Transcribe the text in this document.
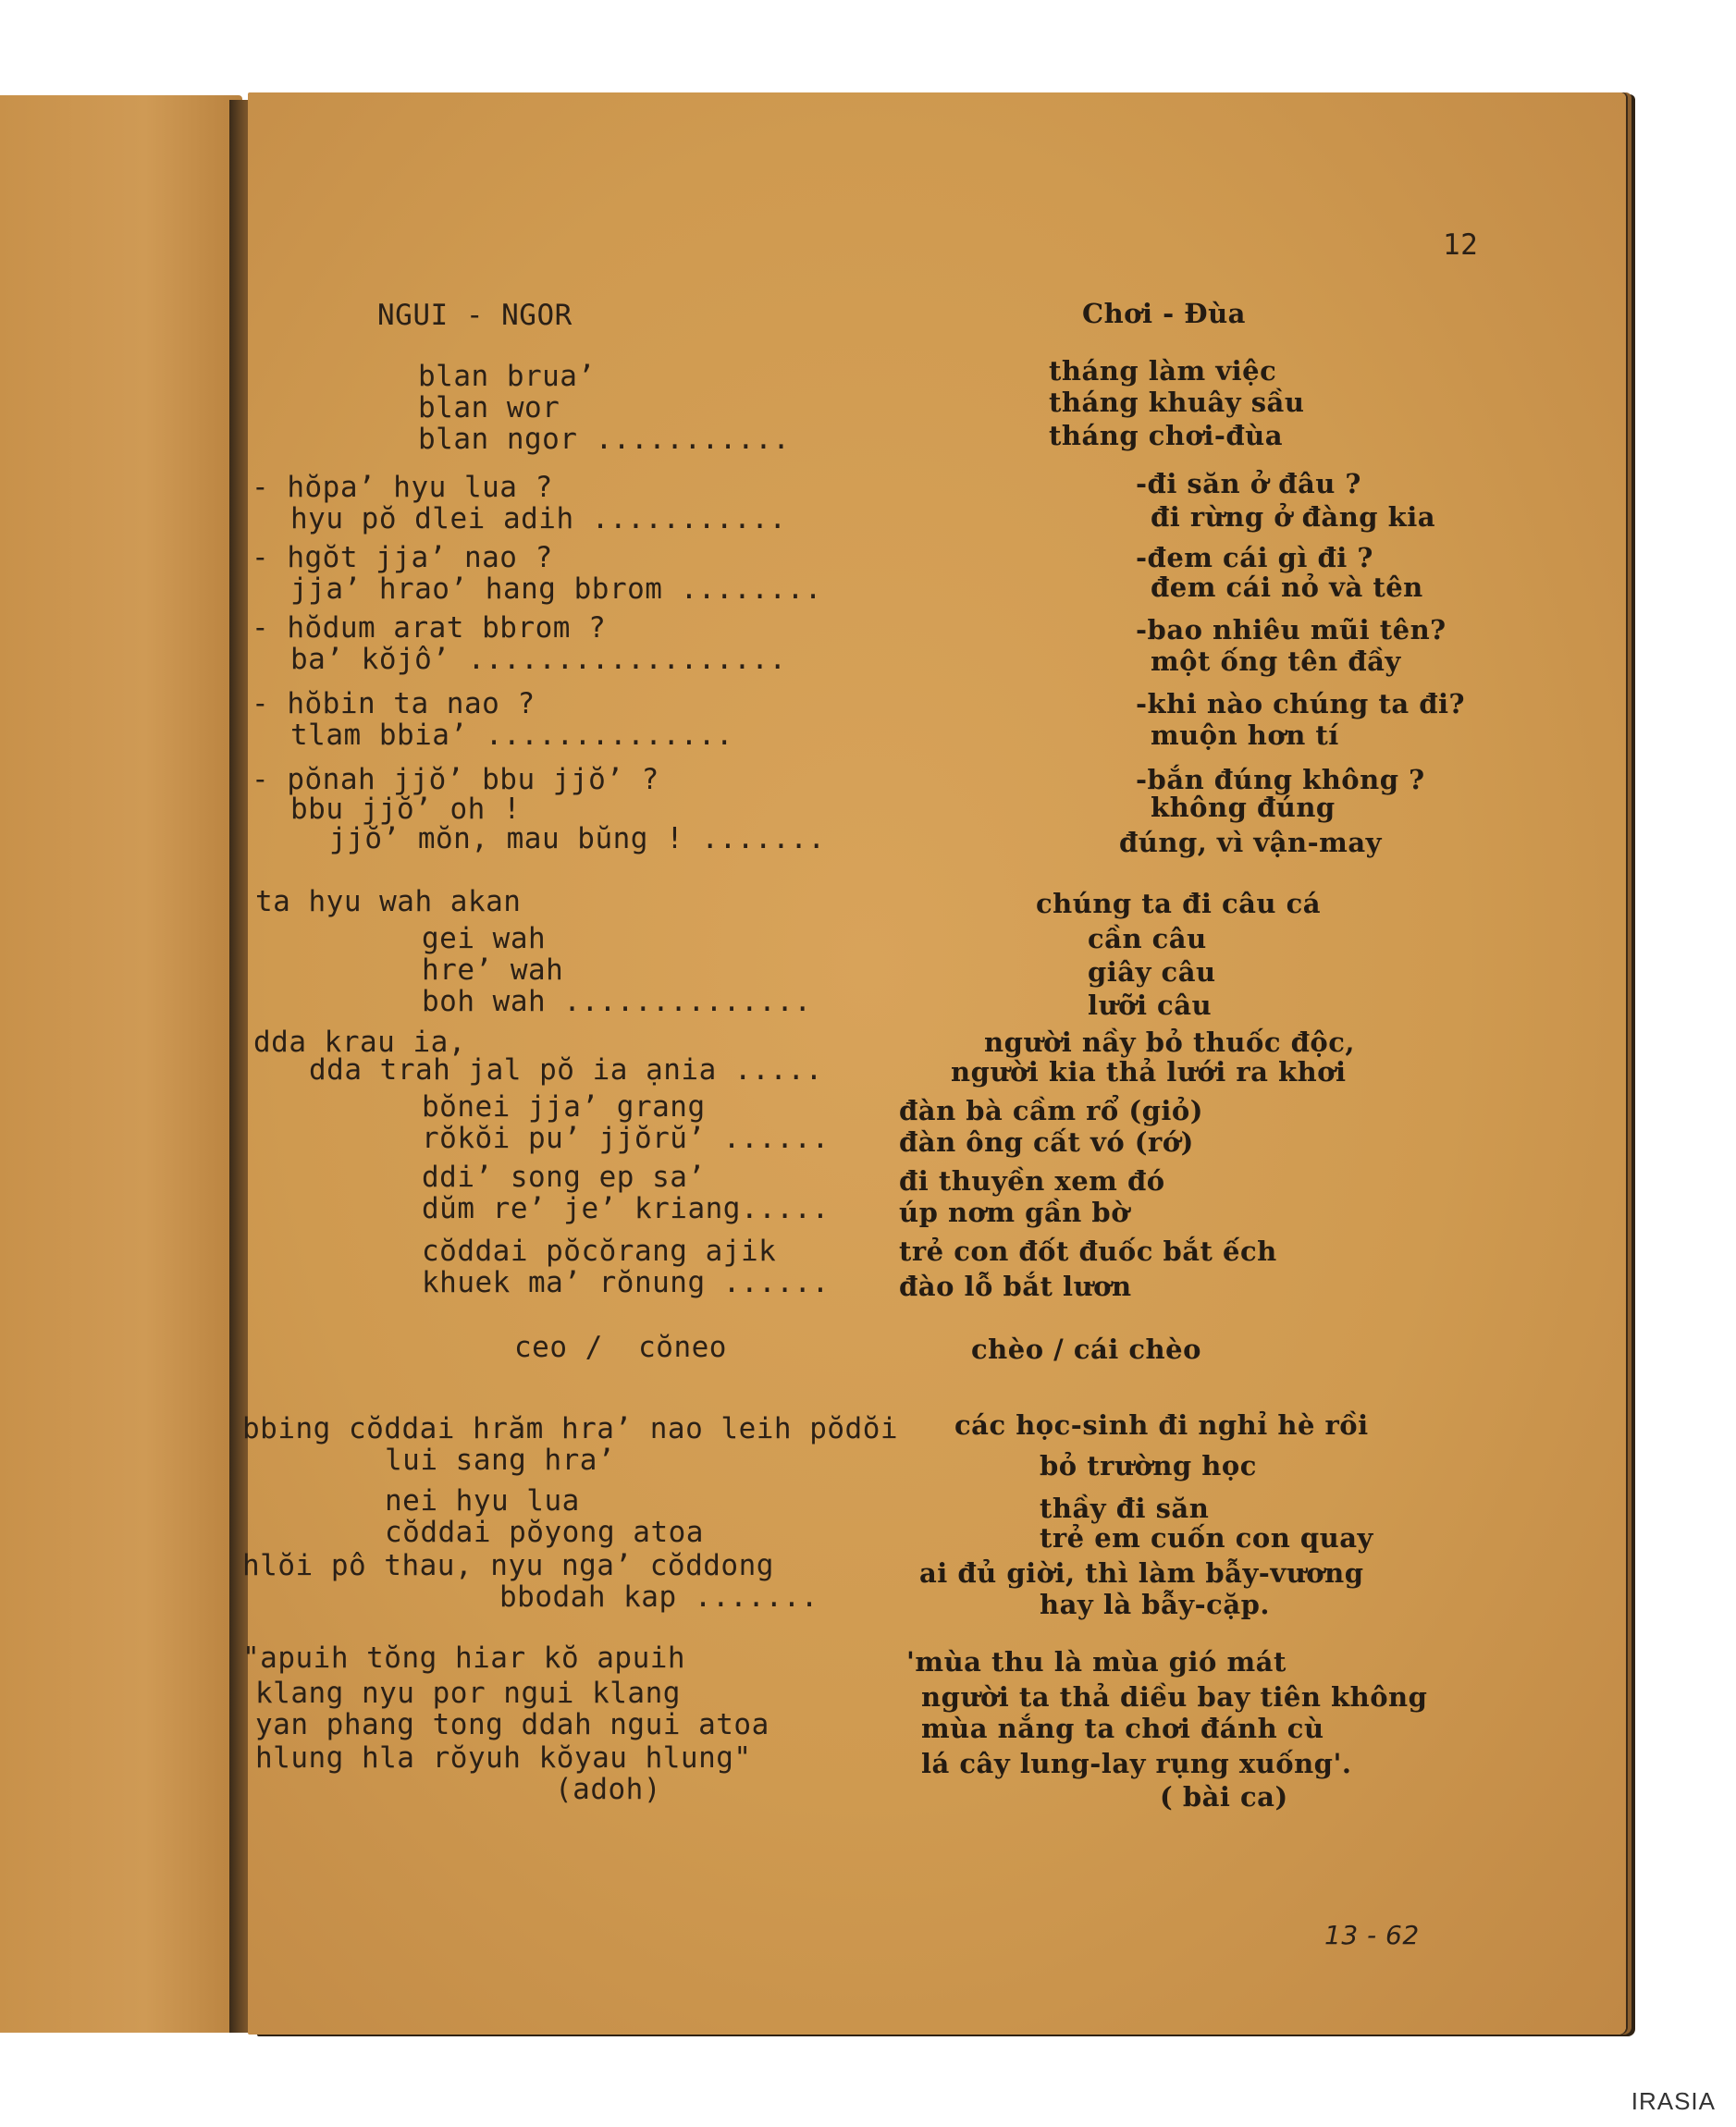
12
NGUI - NGOR	Chơi - Đùa
blan brua’
blan wor
blan ngor ...........
- hŏpa’ hyu lua ?
hyu pŏ dlei adih ...........
- hgŏt jja’ nao ?
jja’ hrao’ hang bbrom ........
- hŏdum arat bbrom ?
ba’ kŏjô’ ..................
- hŏbin ta nao ?
tlam bbia’ ..............
- pŏnah jjŏ’ bbu jjŏ’ ?
bbu jjŏ’ oh !
jjŏ’ mŏn, mau bŭng ! .......
ta hyu wah akan
gei wah
hre’ wah
boh wah ..............
dda krau ia,
dda trah jal pŏ ia ạnia .....
bŏnei jja’ grang
rŏkŏi pu’ jjŏrŭ’ ......
ddi’ song ep sa’
dŭm re’ je’ kriang.....
cŏddai pŏcŏrang ajik
khuek ma’ rŏnung ......
ceo /  cŏneo
bbing cŏddai hrăm hra’ nao leih pŏdŏi
lui sang hra’
nei hyu lua
cŏddai pŏyong atoa
hlŏi pô thau, nyu nga’ cŏddong
bbodah kap .......
"apuih tŏng hiar kŏ apuih
klang nyu por ngui klang
yan phang tong ddah ngui atoa
hlung hla rŏyuh kŏyau hlung"
(adoh)
tháng làm việc
tháng khuây sầu
tháng chơi-đùa
-đi săn ở đâu ?
đi rừng ở đàng kia
-đem cái gì đi ?
đem cái nỏ và tên
-bao nhiêu mũi tên?
một ống tên đầy
-khi nào chúng ta đi?
muộn hơn tí
-bắn đúng không ?
không đúng
đúng, vì vận-may
chúng ta đi câu cá
cần câu
giây câu
lưỡi câu
người nầy bỏ thuốc độc,
người kia thả lưới ra khơi
đàn bà cầm rổ (giỏ)
đàn ông cất vó (rớ)
đi thuyền xem đó
úp nơm gần bờ
trẻ con đốt đuốc bắt ếch
đào lỗ bắt lươn
chèo / cái chèo
các học-sinh đi nghỉ hè rồi
bỏ trường học
thầy đi săn
trẻ em cuốn con quay
ai đủ giời, thì làm bẫy-vương
hay là bẫy-cặp.
'mùa thu là mùa gió mát
người ta thả diều bay tiên không
mùa nắng ta chơi đánh cù
lá cây lung-lay rụng xuống'.
( bài ca)
13 - 62
IRASIA
